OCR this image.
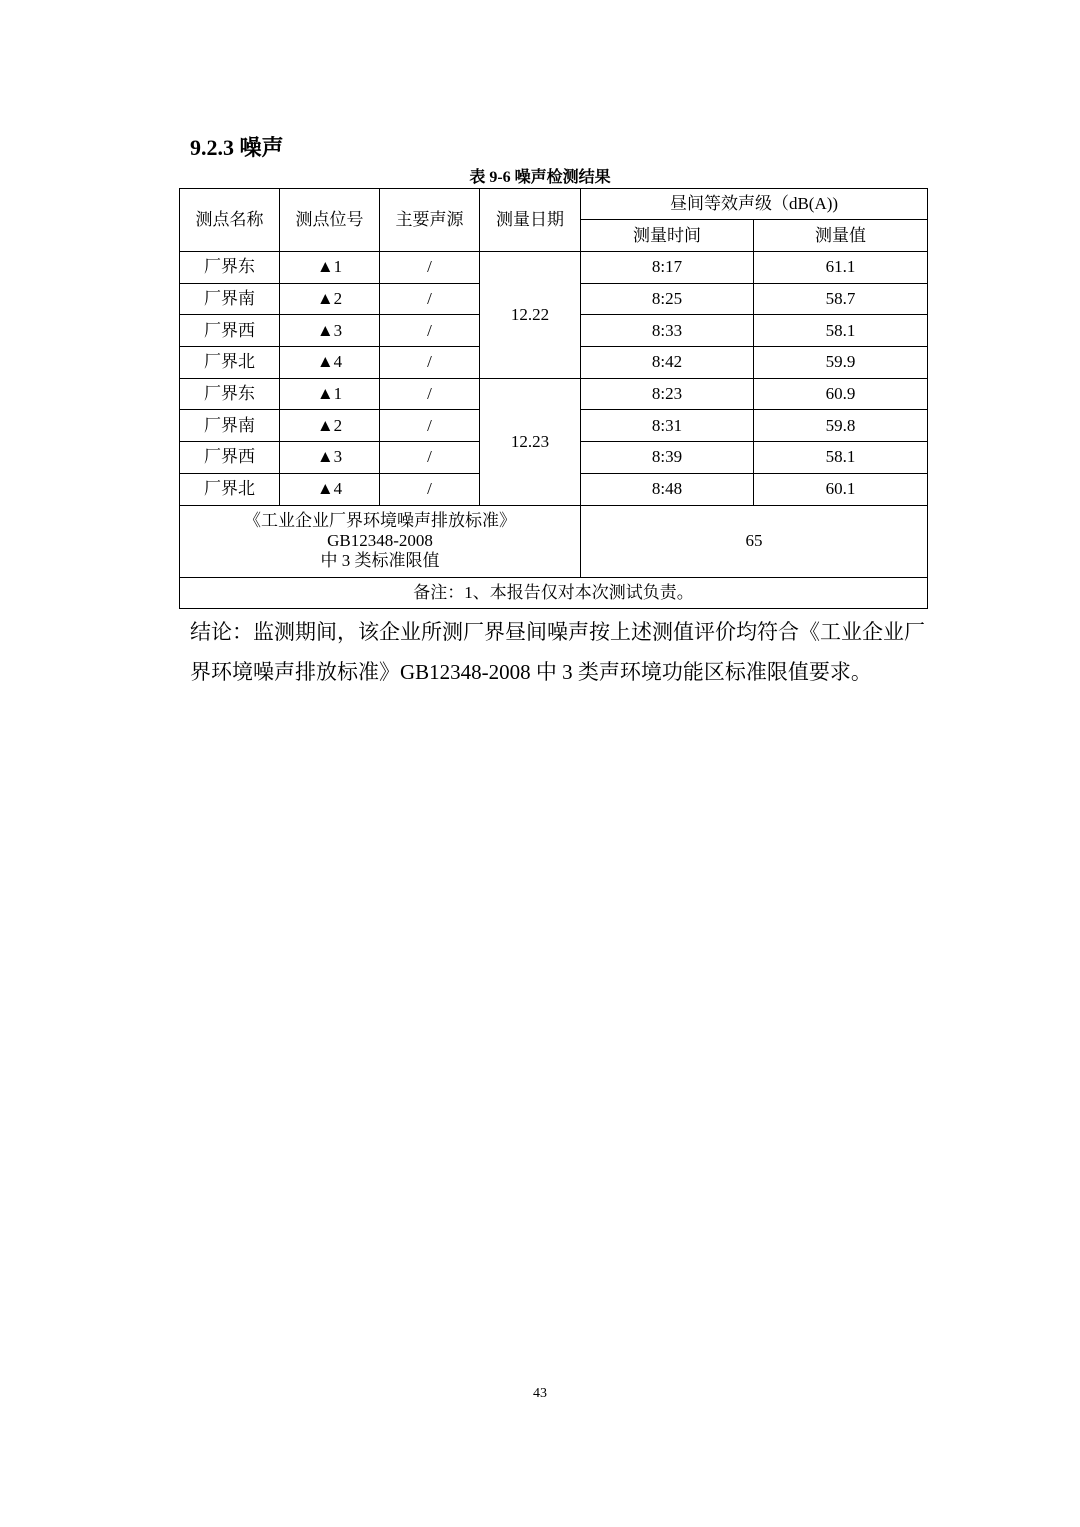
9.2.3 噪声
表 9-6 噪声检测结果
测点名称	测点位号	主要声源	测量日期	昼间等效声级（dB(A))	
				测量时间	测量值
厂界东	▲1	/	12.22	8:17	61.1
厂界南	▲2	/		8:25	58.7
厂界西	▲3	/		8:33	58.1
厂界北	▲4	/		8:42	59.9
厂界东	▲1	/	12.23	8:23	60.9
厂界南	▲2	/		8:31	59.8
厂界西	▲3	/		8:39	58.1
厂界北	▲4	/		8:48	60.1

《工业企业厂界环境噪声排放标准》
GB12348-2008
中 3 类标准限值				65	
备注：1、本报告仅对本次测试负责。					
结论：监测期间，该企业所测厂界昼间噪声按上述测值评价均符合《工业企业厂界环境噪声排放标准》GB12348-2008 中 3 类声环境功能区标准限值要求。
43
